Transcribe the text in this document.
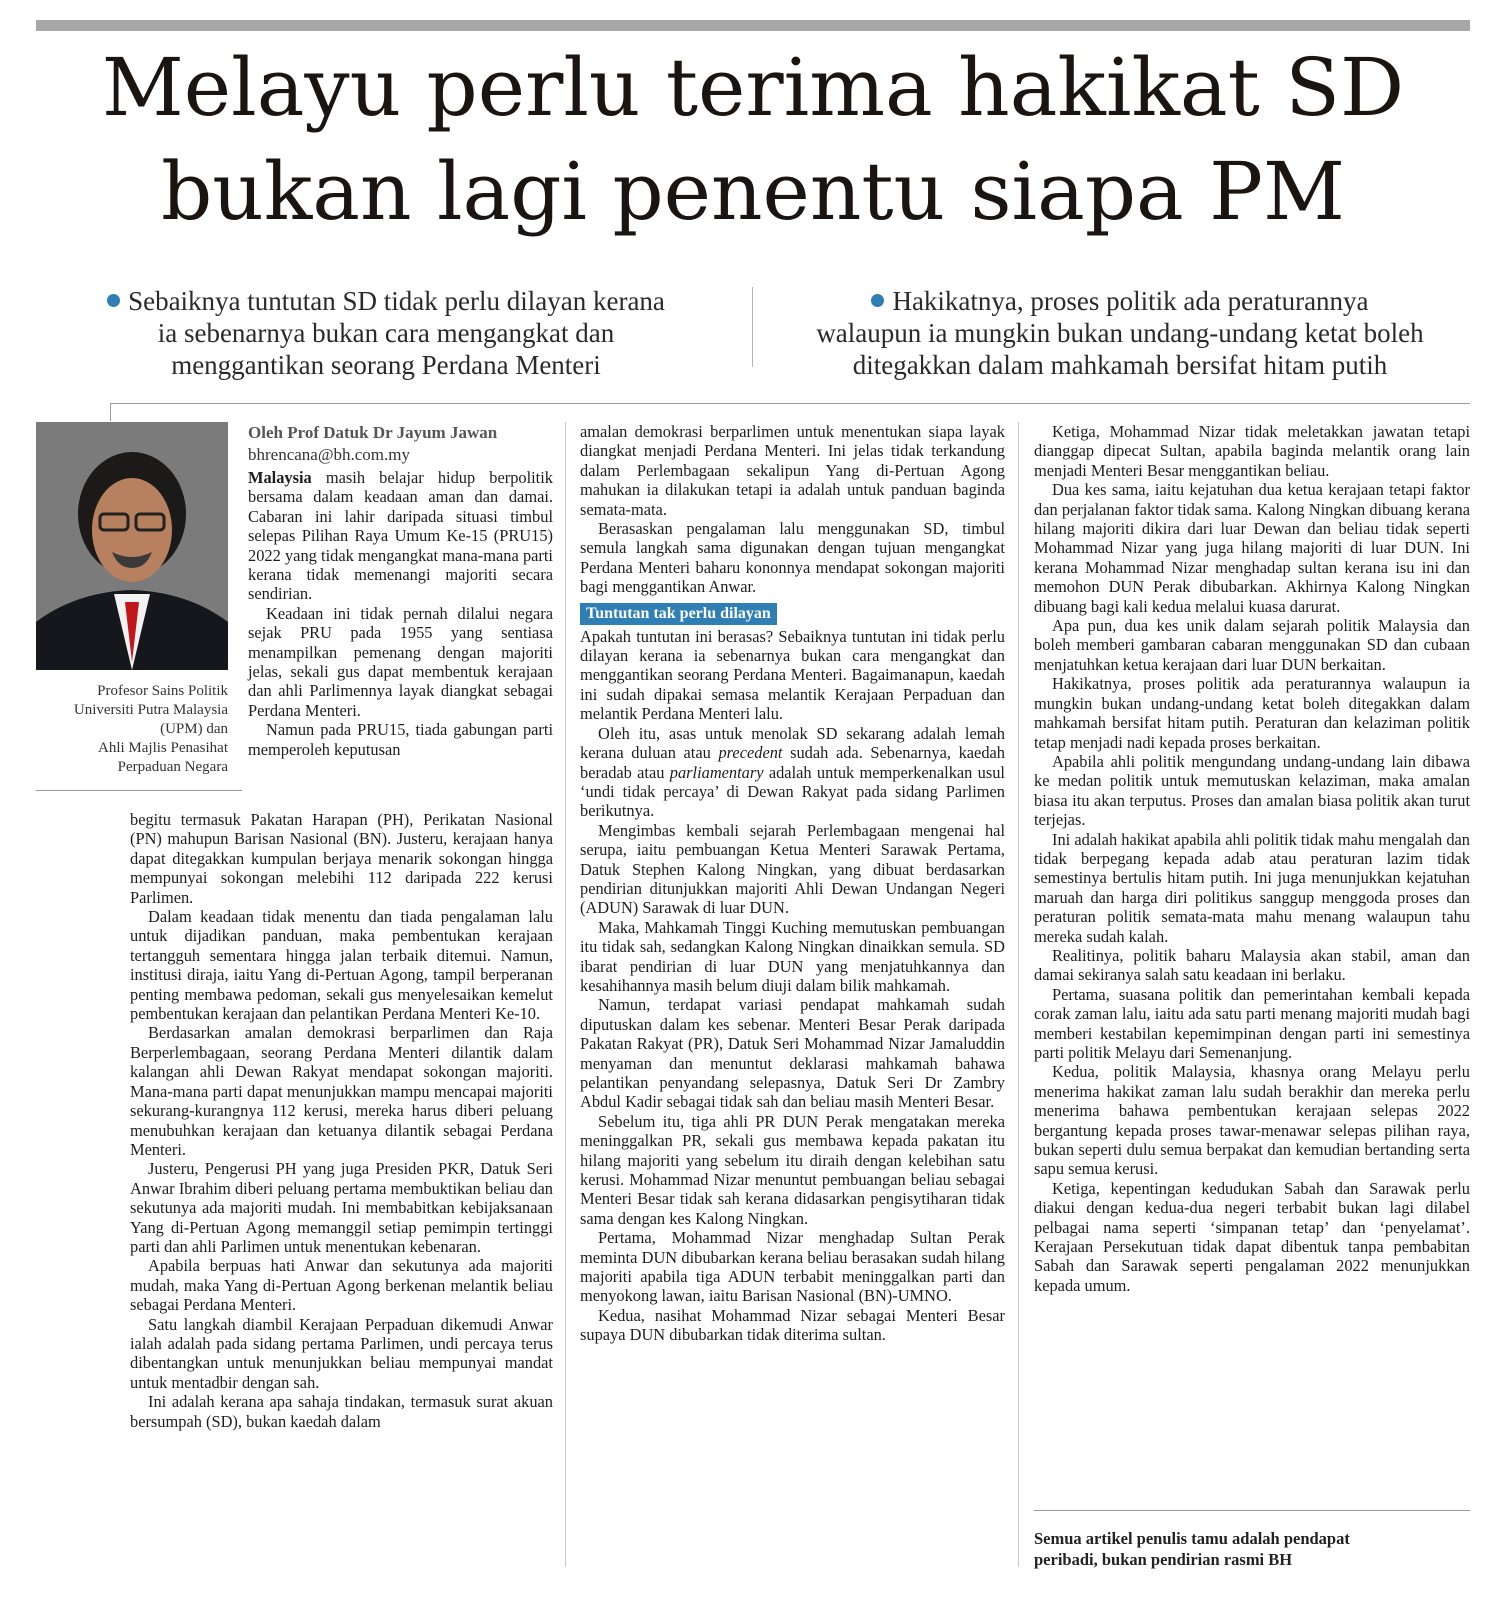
Melayu perlu terima hakikat SD
bukan lagi penentu siapa PM
Sebaiknya tuntutan SD tidak perlu dilayan kerana
ia sebenarnya bukan cara mengangkat dan
menggantikan seorang Perdana Menteri
Hakikatnya, proses politik ada peraturannya
walaupun ia mungkin bukan undang-undang ketat boleh
ditegakkan dalam mahkamah bersifat hitam putih
Profesor Sains Politik
Universiti Putra Malaysia
(UPM) dan
Ahli Majlis Penasihat
Perpaduan Negara
Oleh Prof Datuk Dr Jayum Jawan
bhrencana@bh.com.my

Malaysia masih belajar hidup berpolitik bersama dalam keadaan aman dan damai. Cabaran ini lahir daripada situasi timbul selepas Pilihan Raya Umum Ke-15 (PRU15) 2022 yang tidak mengangkat mana-mana parti kerana tidak memenangi majoriti secara sendirian.

Keadaan ini tidak pernah dilalui negara sejak PRU pada 1955 yang sentiasa menampilkan pemenang dengan majoriti jelas, sekali gus dapat membentuk kerajaan dan ahli Parlimennya layak diangkat sebagai Perdana Menteri.

Namun pada PRU15, tiada gabungan parti memperoleh keputusan

begitu termasuk Pakatan Harapan (PH), Perikatan Nasional (PN) mahupun Barisan Nasional (BN). Justeru, kerajaan hanya dapat ditegakkan kumpulan berjaya menarik sokongan hingga mempunyai sokongan melebihi 112 daripada 222 kerusi Parlimen.

Dalam keadaan tidak menentu dan tiada pengalaman lalu untuk dijadikan panduan, maka pembentukan kerajaan tertangguh sementara hingga jalan terbaik ditemui. Namun, institusi diraja, iaitu Yang di-Pertuan Agong, tampil berperanan penting membawa pedoman, sekali gus menyelesaikan kemelut pembentukan kerajaan dan pelantikan Perdana Menteri Ke-10.

Berdasarkan amalan demokrasi berparlimen dan Raja Berperlembagaan, seorang Perdana Menteri dilantik dalam kalangan ahli Dewan Rakyat mendapat sokongan majoriti. Mana-mana parti dapat menunjukkan mampu mencapai majoriti sekurang-kurangnya 112 kerusi, mereka harus diberi peluang menubuhkan kerajaan dan ketuanya dilantik sebagai Perdana Menteri.

Justeru, Pengerusi PH yang juga Presiden PKR, Datuk Seri Anwar Ibrahim diberi peluang pertama membuktikan beliau dan sekutunya ada majoriti mudah. Ini membabitkan kebijaksanaan Yang di-Pertuan Agong memanggil setiap pemimpin tertinggi parti dan ahli Parlimen untuk menentukan kebenaran.

Apabila berpuas hati Anwar dan sekutunya ada majoriti mudah, maka Yang di-Pertuan Agong berkenan melantik beliau sebagai Perdana Menteri.

Satu langkah diambil Kerajaan Perpaduan dikemudi Anwar ialah adalah pada sidang pertama Parlimen, undi percaya terus dibentangkan untuk menunjukkan beliau mempunyai mandat untuk mentadbir dengan sah.

Ini adalah kerana apa sahaja tindakan, termasuk surat akuan bersumpah (SD), bukan kaedah dalam

amalan demokrasi berparlimen untuk menentukan siapa layak diangkat menjadi Perdana Menteri. Ini jelas tidak terkandung dalam Perlembagaan sekalipun Yang di-Pertuan Agong mahukan ia dilakukan tetapi ia adalah untuk panduan baginda semata-mata.

Berasaskan pengalaman lalu menggunakan SD, timbul semula langkah sama digunakan dengan tujuan mengangkat Perdana Menteri baharu kononnya mendapat sokongan majoriti bagi menggantikan Anwar.

Tuntutan tak perlu dilayan

Apakah tuntutan ini berasas? Sebaiknya tuntutan ini tidak perlu dilayan kerana ia sebenarnya bukan cara mengangkat dan menggantikan seorang Perdana Menteri. Bagaimanapun, kaedah ini sudah dipakai semasa melantik Kerajaan Perpaduan dan melantik Perdana Menteri lalu.

Oleh itu, asas untuk menolak SD sekarang adalah lemah kerana duluan atau precedent sudah ada. Sebenarnya, kaedah beradab atau parliamentary adalah untuk memperkenalkan usul ‘undi tidak percaya’ di Dewan Rakyat pada sidang Parlimen berikutnya.

Mengimbas kembali sejarah Perlembagaan mengenai hal serupa, iaitu pembuangan Ketua Menteri Sarawak Pertama, Datuk Stephen Kalong Ningkan, yang dibuat berdasarkan pendirian ditunjukkan majoriti Ahli Dewan Undangan Negeri (ADUN) Sarawak di luar DUN.

Maka, Mahkamah Tinggi Kuching memutuskan pembuangan itu tidak sah, sedangkan Kalong Ningkan dinaikkan semula. SD ibarat pendirian di luar DUN yang menjatuhkannya dan kesahihannya masih belum diuji dalam bilik mahkamah.

Namun, terdapat variasi pendapat mahkamah sudah diputuskan dalam kes sebenar. Menteri Besar Perak daripada Pakatan Rakyat (PR), Datuk Seri Mohammad Nizar Jamaluddin menyaman dan menuntut deklarasi mahkamah bahawa pelantikan penyandang selepasnya, Datuk Seri Dr Zambry Abdul Kadir sebagai tidak sah dan beliau masih Menteri Besar.

Sebelum itu, tiga ahli PR DUN Perak mengatakan mereka meninggalkan PR, sekali gus membawa kepada pakatan itu hilang majoriti yang sebelum itu diraih dengan kelebihan satu kerusi. Mohammad Nizar menuntut pembuangan beliau sebagai Menteri Besar tidak sah kerana didasarkan pengisytiharan tidak sama dengan kes Kalong Ningkan.

Pertama, Mohammad Nizar menghadap Sultan Perak meminta DUN dibubarkan kerana beliau berasakan sudah hilang majoriti apabila tiga ADUN terbabit meninggalkan parti dan menyokong lawan, iaitu Barisan Nasional (BN)-UMNO.

Kedua, nasihat Mohammad Nizar sebagai Menteri Besar supaya DUN dibubarkan tidak diterima sultan.

Ketiga, Mohammad Nizar tidak meletakkan jawatan tetapi dianggap dipecat Sultan, apabila baginda melantik orang lain menjadi Menteri Besar menggantikan beliau.

Dua kes sama, iaitu kejatuhan dua ketua kerajaan tetapi faktor dan perjalanan faktor tidak sama. Kalong Ningkan dibuang kerana hilang majoriti dikira dari luar Dewan dan beliau tidak seperti Mohammad Nizar yang juga hilang majoriti di luar DUN. Ini kerana Mohammad Nizar menghadap sultan kerana isu ini dan memohon DUN Perak dibubarkan. Akhirnya Kalong Ningkan dibuang bagi kali kedua melalui kuasa darurat.

Apa pun, dua kes unik dalam sejarah politik Malaysia dan boleh memberi gambaran cabaran menggunakan SD dan cubaan menjatuhkan ketua kerajaan dari luar DUN berkaitan.

Hakikatnya, proses politik ada peraturannya walaupun ia mungkin bukan undang-undang ketat boleh ditegakkan dalam mahkamah bersifat hitam putih. Peraturan dan kelaziman politik tetap menjadi nadi kepada proses berkaitan.

Apabila ahli politik mengundang undang-undang lain dibawa ke medan politik untuk memutuskan kelaziman, maka amalan biasa itu akan terputus. Proses dan amalan biasa politik akan turut terjejas.

Ini adalah hakikat apabila ahli politik tidak mahu mengalah dan tidak berpegang kepada adab atau peraturan lazim tidak semestinya bertulis hitam putih. Ini juga menunjukkan kejatuhan maruah dan harga diri politikus sanggup menggoda proses dan peraturan politik semata-mata mahu menang walaupun tahu mereka sudah kalah.

Realitinya, politik baharu Malaysia akan stabil, aman dan damai sekiranya salah satu keadaan ini berlaku.

Pertama, suasana politik dan pemerintahan kembali kepada corak zaman lalu, iaitu ada satu parti menang majoriti mudah bagi memberi kestabilan kepemimpinan dengan parti ini semestinya parti politik Melayu dari Semenanjung.

Kedua, politik Malaysia, khasnya orang Melayu perlu menerima hakikat zaman lalu sudah berakhir dan mereka perlu menerima bahawa pembentukan kerajaan selepas 2022 bergantung kepada proses tawar-menawar selepas pilihan raya, bukan seperti dulu semua berpakat dan kemudian bertanding serta sapu semua kerusi.

Ketiga, kepentingan kedudukan Sabah dan Sarawak perlu diakui dengan kedua-dua negeri terbabit bukan lagi dilabel pelbagai nama seperti ‘simpanan tetap’ dan ‘penyelamat’. Kerajaan Persekutuan tidak dapat dibentuk tanpa pembabitan Sabah dan Sarawak seperti pengalaman 2022 menunjukkan kepada umum.

Semua artikel penulis tamu adalah pendapat
peribadi, bukan pendirian rasmi BH
